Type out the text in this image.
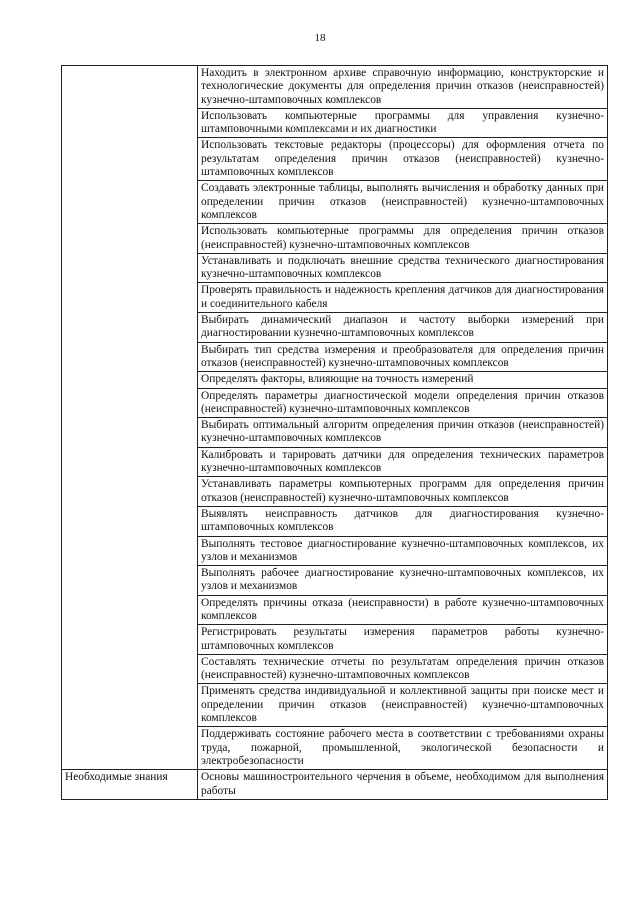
18
	Находить в электронном архиве справочную информацию, конструкторские и технологические документы для определения причин отказов (неисправностей) кузнечно-штамповочных комплексов
	Использовать компьютерные программы для управления кузнечно-штамповочными комплексами и их диагностики
	Использовать текстовые редакторы (процессоры) для оформления отчета по результатам определения причин отказов (неисправностей) кузнечно-штамповочных комплексов
	Создавать электронные таблицы, выполнять вычисления и обработку данных при определении причин отказов (неисправностей) кузнечно-штамповочных комплексов
	Использовать компьютерные программы для определения причин отказов (неисправностей) кузнечно-штамповочных комплексов
	Устанавливать и подключать внешние средства технического диагностирования кузнечно-штамповочных комплексов
	Проверять правильность и надежность крепления датчиков для диагностирования и соединительного кабеля
	Выбирать динамический диапазон и частоту выборки измерений при диагностировании кузнечно-штамповочных комплексов
	Выбирать тип средства измерения и преобразователя для определения причин отказов (неисправностей) кузнечно-штамповочных комплексов
	Определять факторы, влияющие на точность измерений
	Определять параметры диагностической модели определения причин отказов (неисправностей) кузнечно-штамповочных комплексов
	Выбирать оптимальный алгоритм определения причин отказов (неисправностей) кузнечно-штамповочных комплексов
	Калибровать и тарировать датчики для определения технических параметров кузнечно-штамповочных комплексов
	Устанавливать параметры компьютерных программ для определения причин отказов (неисправностей) кузнечно-штамповочных комплексов
	Выявлять неисправность датчиков для диагностирования кузнечно-штамповочных комплексов
	Выполнять тестовое диагностирование кузнечно-штамповочных комплексов, их узлов и механизмов
	Выполнять рабочее диагностирование кузнечно-штамповочных комплексов, их узлов и механизмов
	Определять причины отказа (неисправности) в работе кузнечно-штамповочных комплексов
	Регистрировать результаты измерения параметров работы кузнечно-штамповочных комплексов
	Составлять технические отчеты по результатам определения причин отказов (неисправностей) кузнечно-штамповочных комплексов
	Применять средства индивидуальной и коллективной защиты при поиске мест и определении причин отказов (неисправностей) кузнечно-штамповочных комплексов
	Поддерживать состояние рабочего места в соответствии с требованиями охраны труда, пожарной, промышленной, экологической безопасности и электробезопасности
Необходимые знания	Основы машиностроительного черчения в объеме, необходимом для выполнения работы
